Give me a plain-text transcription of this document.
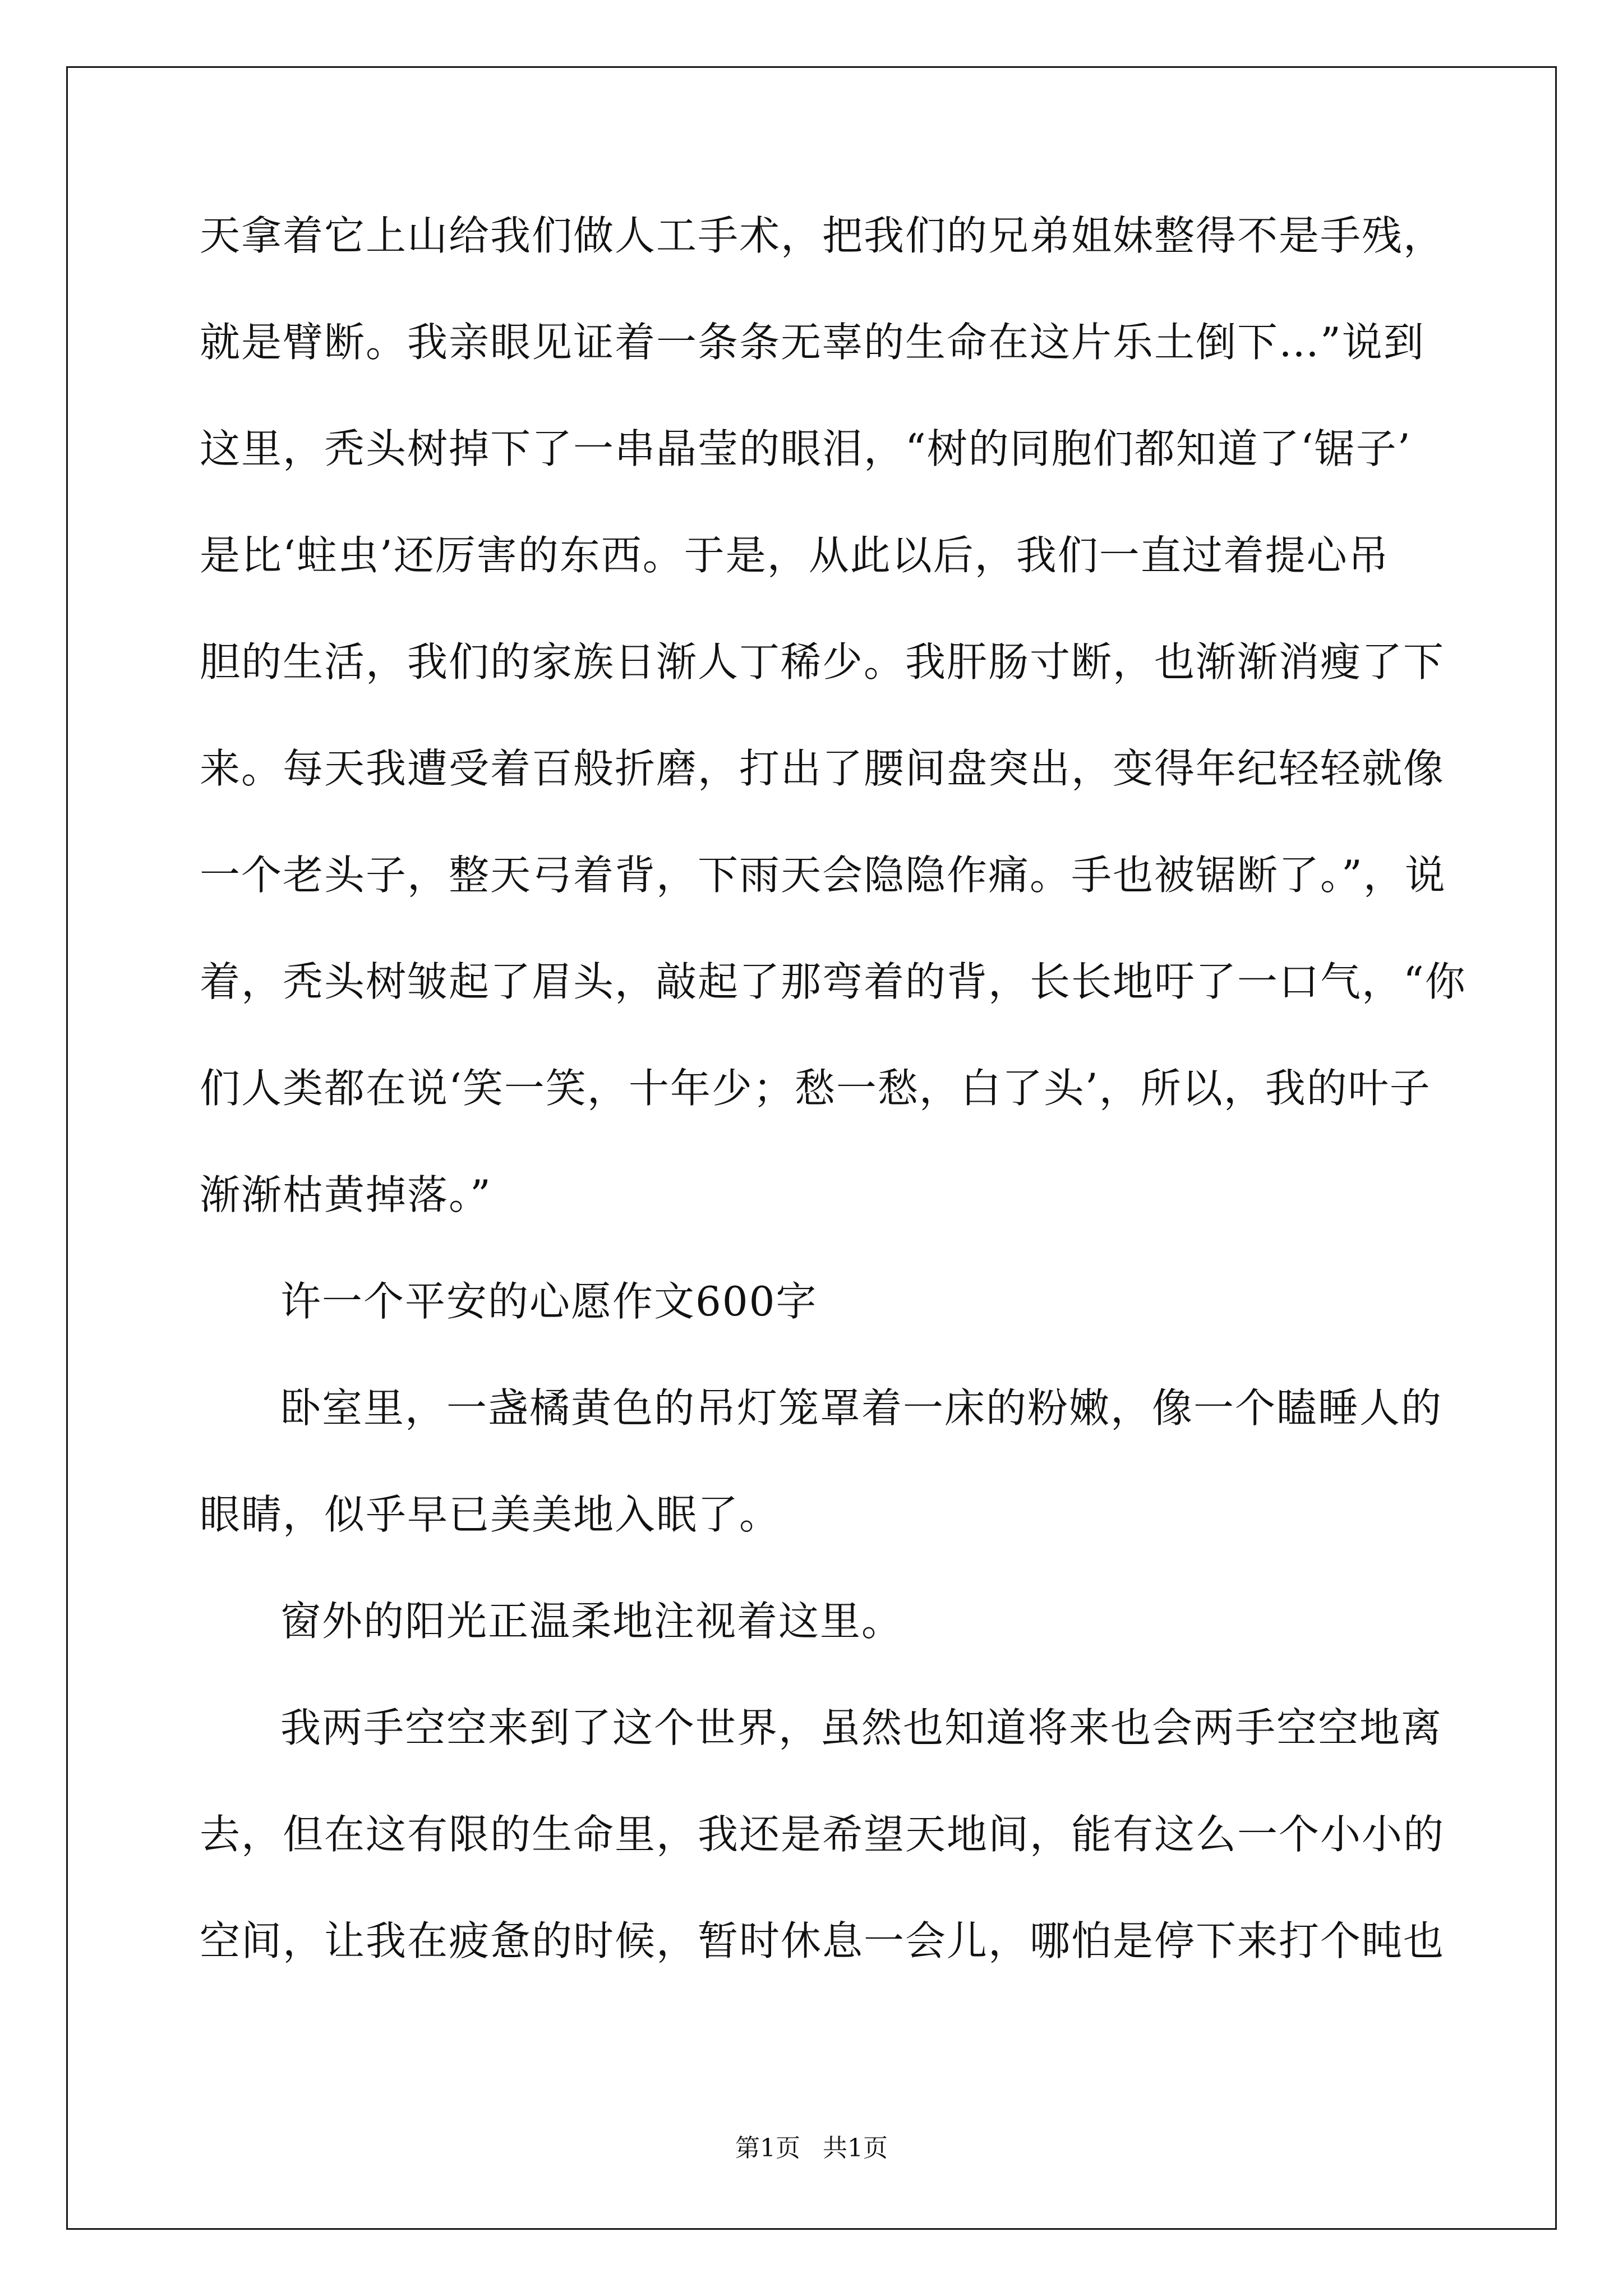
天拿着它上山给我们做人工手术，把我们的兄弟姐妹整得不是手残，
就是臂断。我亲眼见证着一条条无辜的生命在这片乐土倒下…”说到
这里，秃头树掉下了一串晶莹的眼泪，“树的同胞们都知道了‘锯子’
是比‘蛀虫’还厉害的东西。于是，从此以后，我们一直过着提心吊
胆的生活，我们的家族日渐人丁稀少。我肝肠寸断，也渐渐消瘦了下
来。每天我遭受着百般折磨，打出了腰间盘突出，变得年纪轻轻就像
一个老头子，整天弓着背，下雨天会隐隐作痛。手也被锯断了。”，说
着，秃头树皱起了眉头，敲起了那弯着的背，长长地吁了一口气，“你
们人类都在说‘笑一笑，十年少；愁一愁，白了头’，所以，我的叶子
渐渐枯黄掉落。”
许一个平安的心愿作文600字
卧室里，一盏橘黄色的吊灯笼罩着一床的粉嫩，像一个瞌睡人的
眼睛，似乎早已美美地入眠了。
窗外的阳光正温柔地注视着这里。
我两手空空来到了这个世界，虽然也知道将来也会两手空空地离
去，但在这有限的生命里，我还是希望天地间，能有这么一个小小的
空间，让我在疲惫的时候，暂时休息一会儿，哪怕是停下来打个盹也
第1页 共1页
